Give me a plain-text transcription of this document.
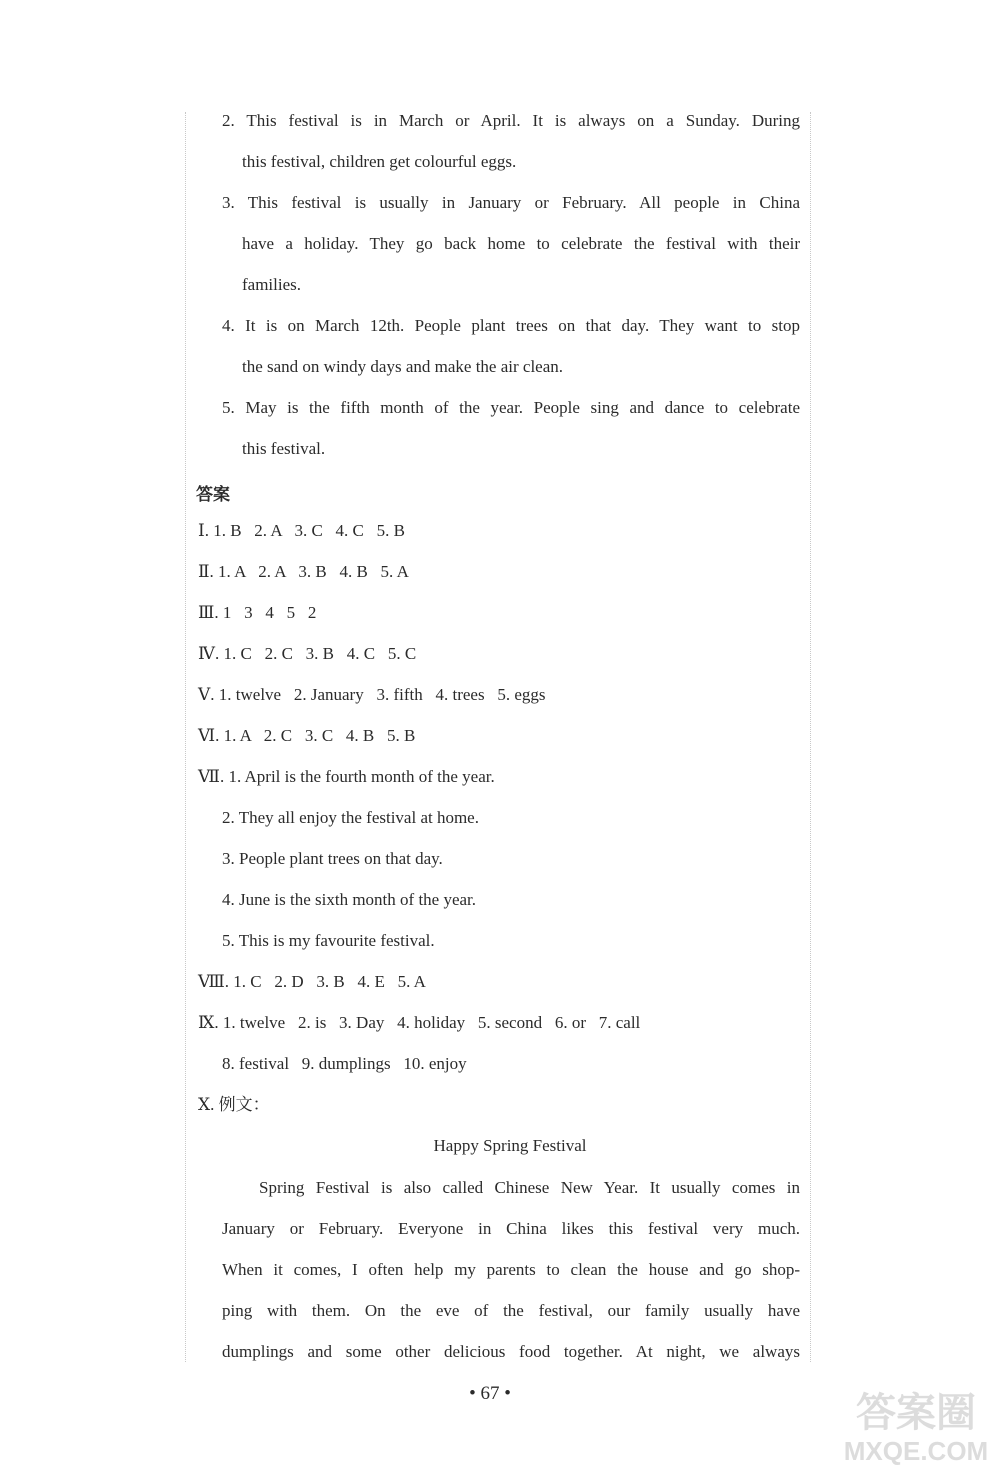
2. This festival is in March or April. It is always on a Sunday. During
this festival, children get colourful eggs.
3. This festival is usually in January or February. All people in China
have a holiday. They go back home to celebrate the festival with their
families.
4. It is on March 12th. People plant trees on that day. They want to stop
the sand on windy days and make the air clean.
5. May is the fifth month of the year. People sing and dance to celebrate
this festival.
答案
Ⅰ. 1. B   2. A   3. C   4. C   5. B
Ⅱ. 1. A   2. A   3. B   4. B   5. A
Ⅲ. 1   3   4   5   2
Ⅳ. 1. C   2. C   3. B   4. C   5. C
Ⅴ. 1. twelve   2. January   3. fifth   4. trees   5. eggs
Ⅵ. 1. A   2. C   3. C   4. B   5. B
Ⅶ. 1. April is the fourth month of the year.
2. They all enjoy the festival at home.
3. People plant trees on that day.
4. June is the sixth month of the year.
5. This is my favourite festival.
Ⅷ. 1. C   2. D   3. B   4. E   5. A
Ⅸ. 1. twelve   2. is   3. Day   4. holiday   5. second   6. or   7. call
8. festival   9. dumplings   10. enjoy
Ⅹ. 例文：
Happy Spring Festival
Spring Festival is also called Chinese New Year. It usually comes in
January or February. Everyone in China likes this festival very much.
When it comes, I often help my parents to clean the house and go shop-
ping with them. On the eve of the festival, our family usually have
dumplings and some other delicious food together. At night, we always
• 67 •	答案圈
MXQE.COM
